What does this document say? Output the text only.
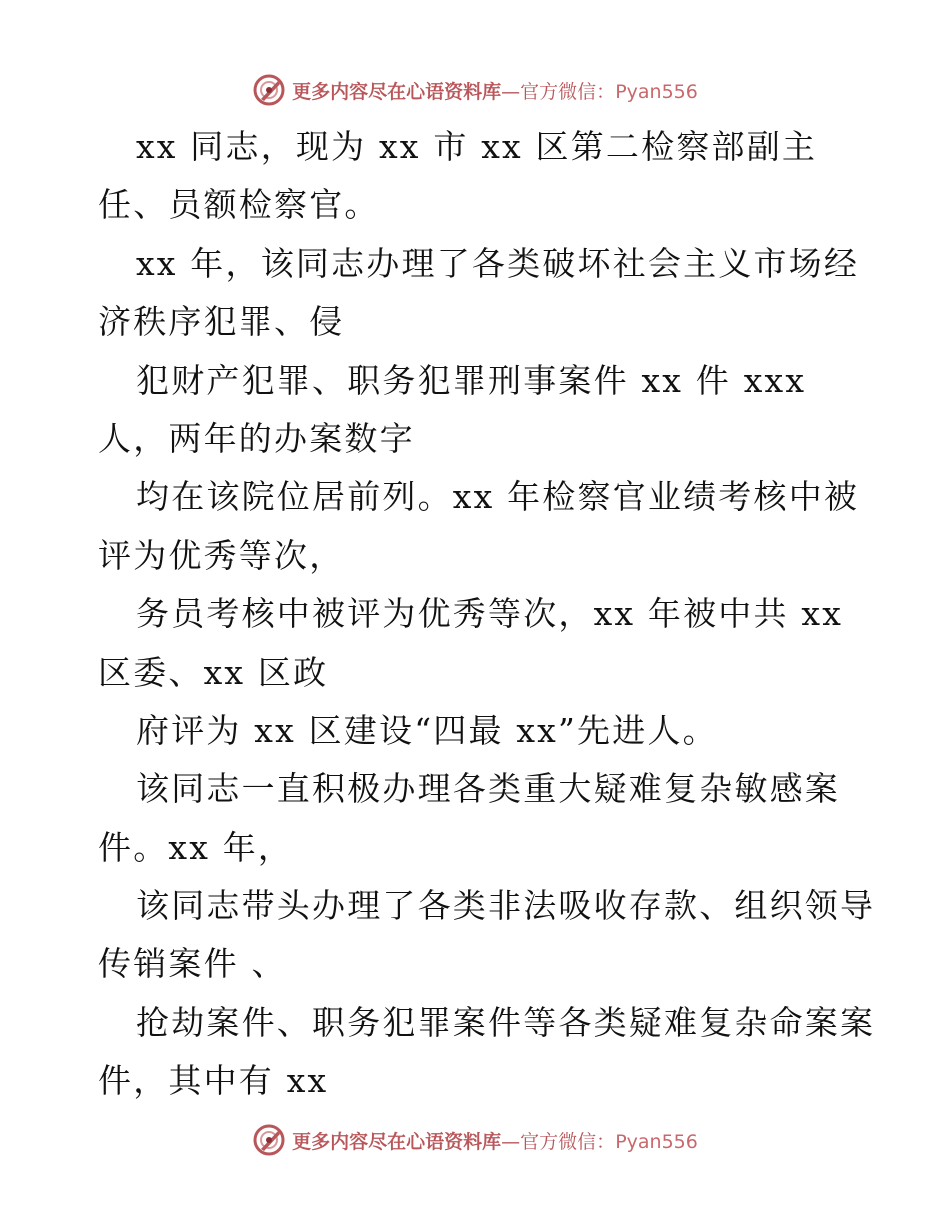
更多内容尽在心语资料库—官方微信：Pyan556
xx 同志，现为 xx 市 xx 区第二检察部副主
任、员额检察官。
xx 年，该同志办理了各类破坏社会主义市场经
济秩序犯罪、侵
犯财产犯罪、职务犯罪刑事案件 xx 件 xxx
人，两年的办案数字
均在该院位居前列。xx 年检察官业绩考核中被
评为优秀等次，
务员考核中被评为优秀等次，xx 年被中共 xx
区委、xx 区政
府评为 xx 区建设“四最 xx”先进人。
该同志一直积极办理各类重大疑难复杂敏感案
件。xx 年，
该同志带头办理了各类非法吸收存款、组织领导
传销案件 、
抢劫案件、职务犯罪案件等各类疑难复杂命案案
件，其中有 xx
更多内容尽在心语资料库—官方微信：Pyan556
